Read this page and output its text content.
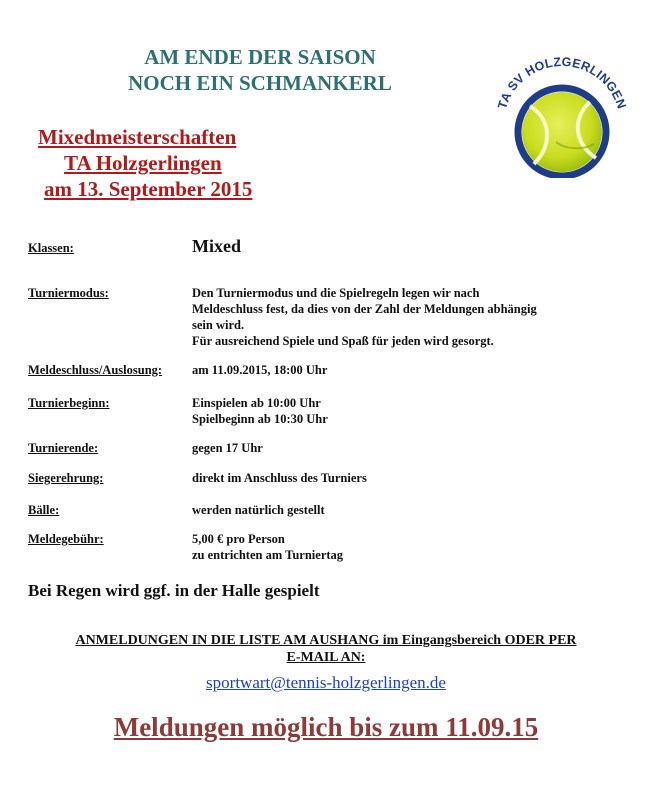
AM ENDE DER SAISON
NOCH EIN SCHMANKERL
TA SV HOLZGERLINGEN
Mixedmeisterschaften
TA Holzgerlingen
am 13. September 2015
Klassen:	Mixed
Turniermodus:	Den Turniermodus und die Spielregeln legen wir nach
Meldeschluss fest, da dies von der Zahl der Meldungen abhängig
sein wird.
Für ausreichend Spiele und Spaß für jeden wird gesorgt.
Meldeschluss/Auslosung: am 11.09.2015, 18:00 Uhr
Turnierbeginn:	Einspielen ab 10:00 Uhr
Spielbeginn ab 10:30 Uhr
Turnierende:	gegen 17 Uhr
Siegerehrung:	direkt im Anschluss des Turniers
Bälle:	werden natürlich gestellt
Meldegebühr:	5,00 € pro Person
zu entrichten am Turniertag
Bei Regen wird ggf. in der Halle gespielt
ANMELDUNGEN IN DIE LISTE AM AUSHANG im Eingangsbereich ODER PER
E-MAIL AN:
sportwart@tennis-holzgerlingen.de
Meldungen möglich bis zum 11.09.15
